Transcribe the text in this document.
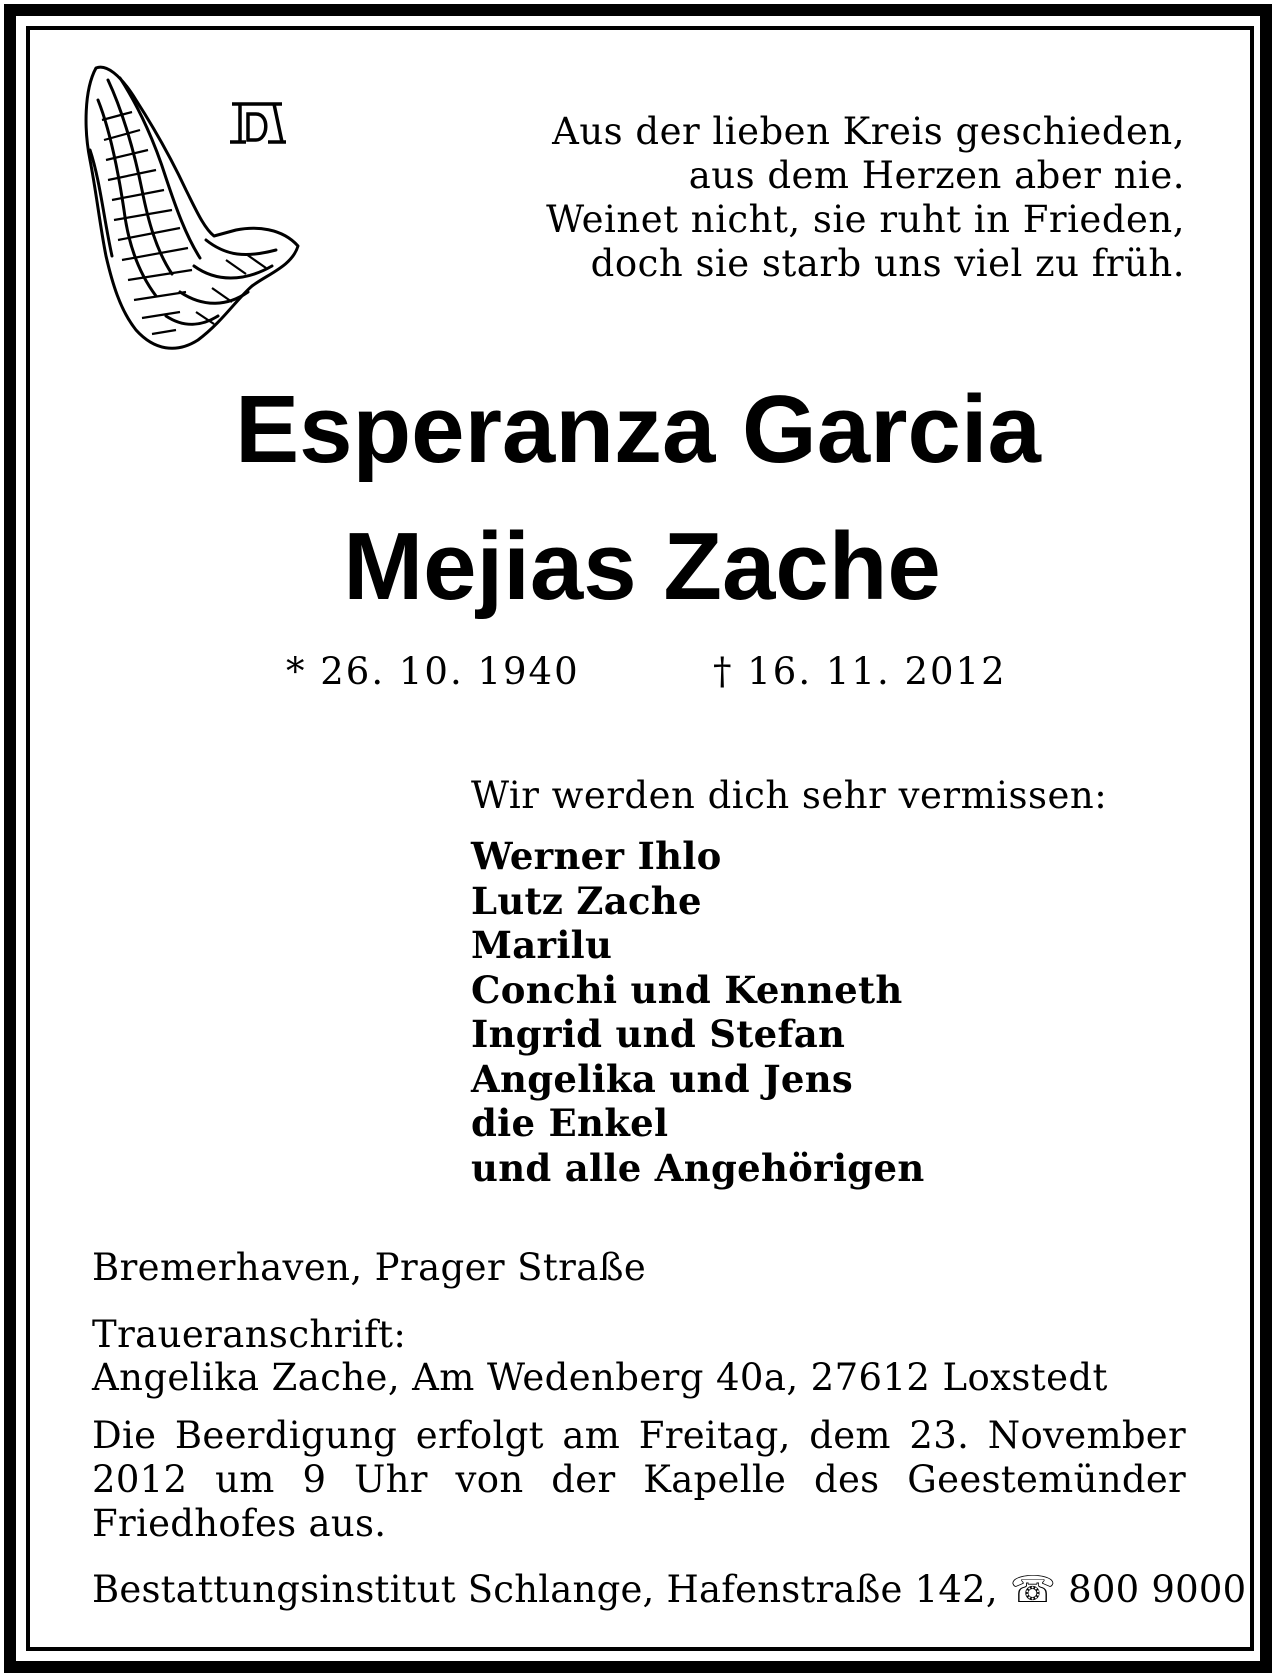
Aus der lieben Kreis geschieden,
aus dem Herzen aber nie.
Weinet nicht, sie ruht in Frieden,
doch sie starb uns viel zu früh.
Esperanza Garcia
Mejias Zache
* 26. 10. 1940	† 16. 11. 2012
Wir werden dich sehr vermissen:
Werner Ihlo
Lutz Zache
Marilu
Conchi und Kenneth
Ingrid und Stefan
Angelika und Jens
die Enkel
und alle Angehörigen
Bremerhaven, Prager Straße
Traueranschrift:
Angelika Zache, Am Wedenberg 40a, 27612 Loxstedt
Die Beerdigung erfolgt am Freitag, dem 23. November 2012 um 9 Uhr von der Kapelle des Geestemünder Friedhofes aus.
Bestattungsinstitut Schlange, Hafenstraße 142, ☏ 800 9000
